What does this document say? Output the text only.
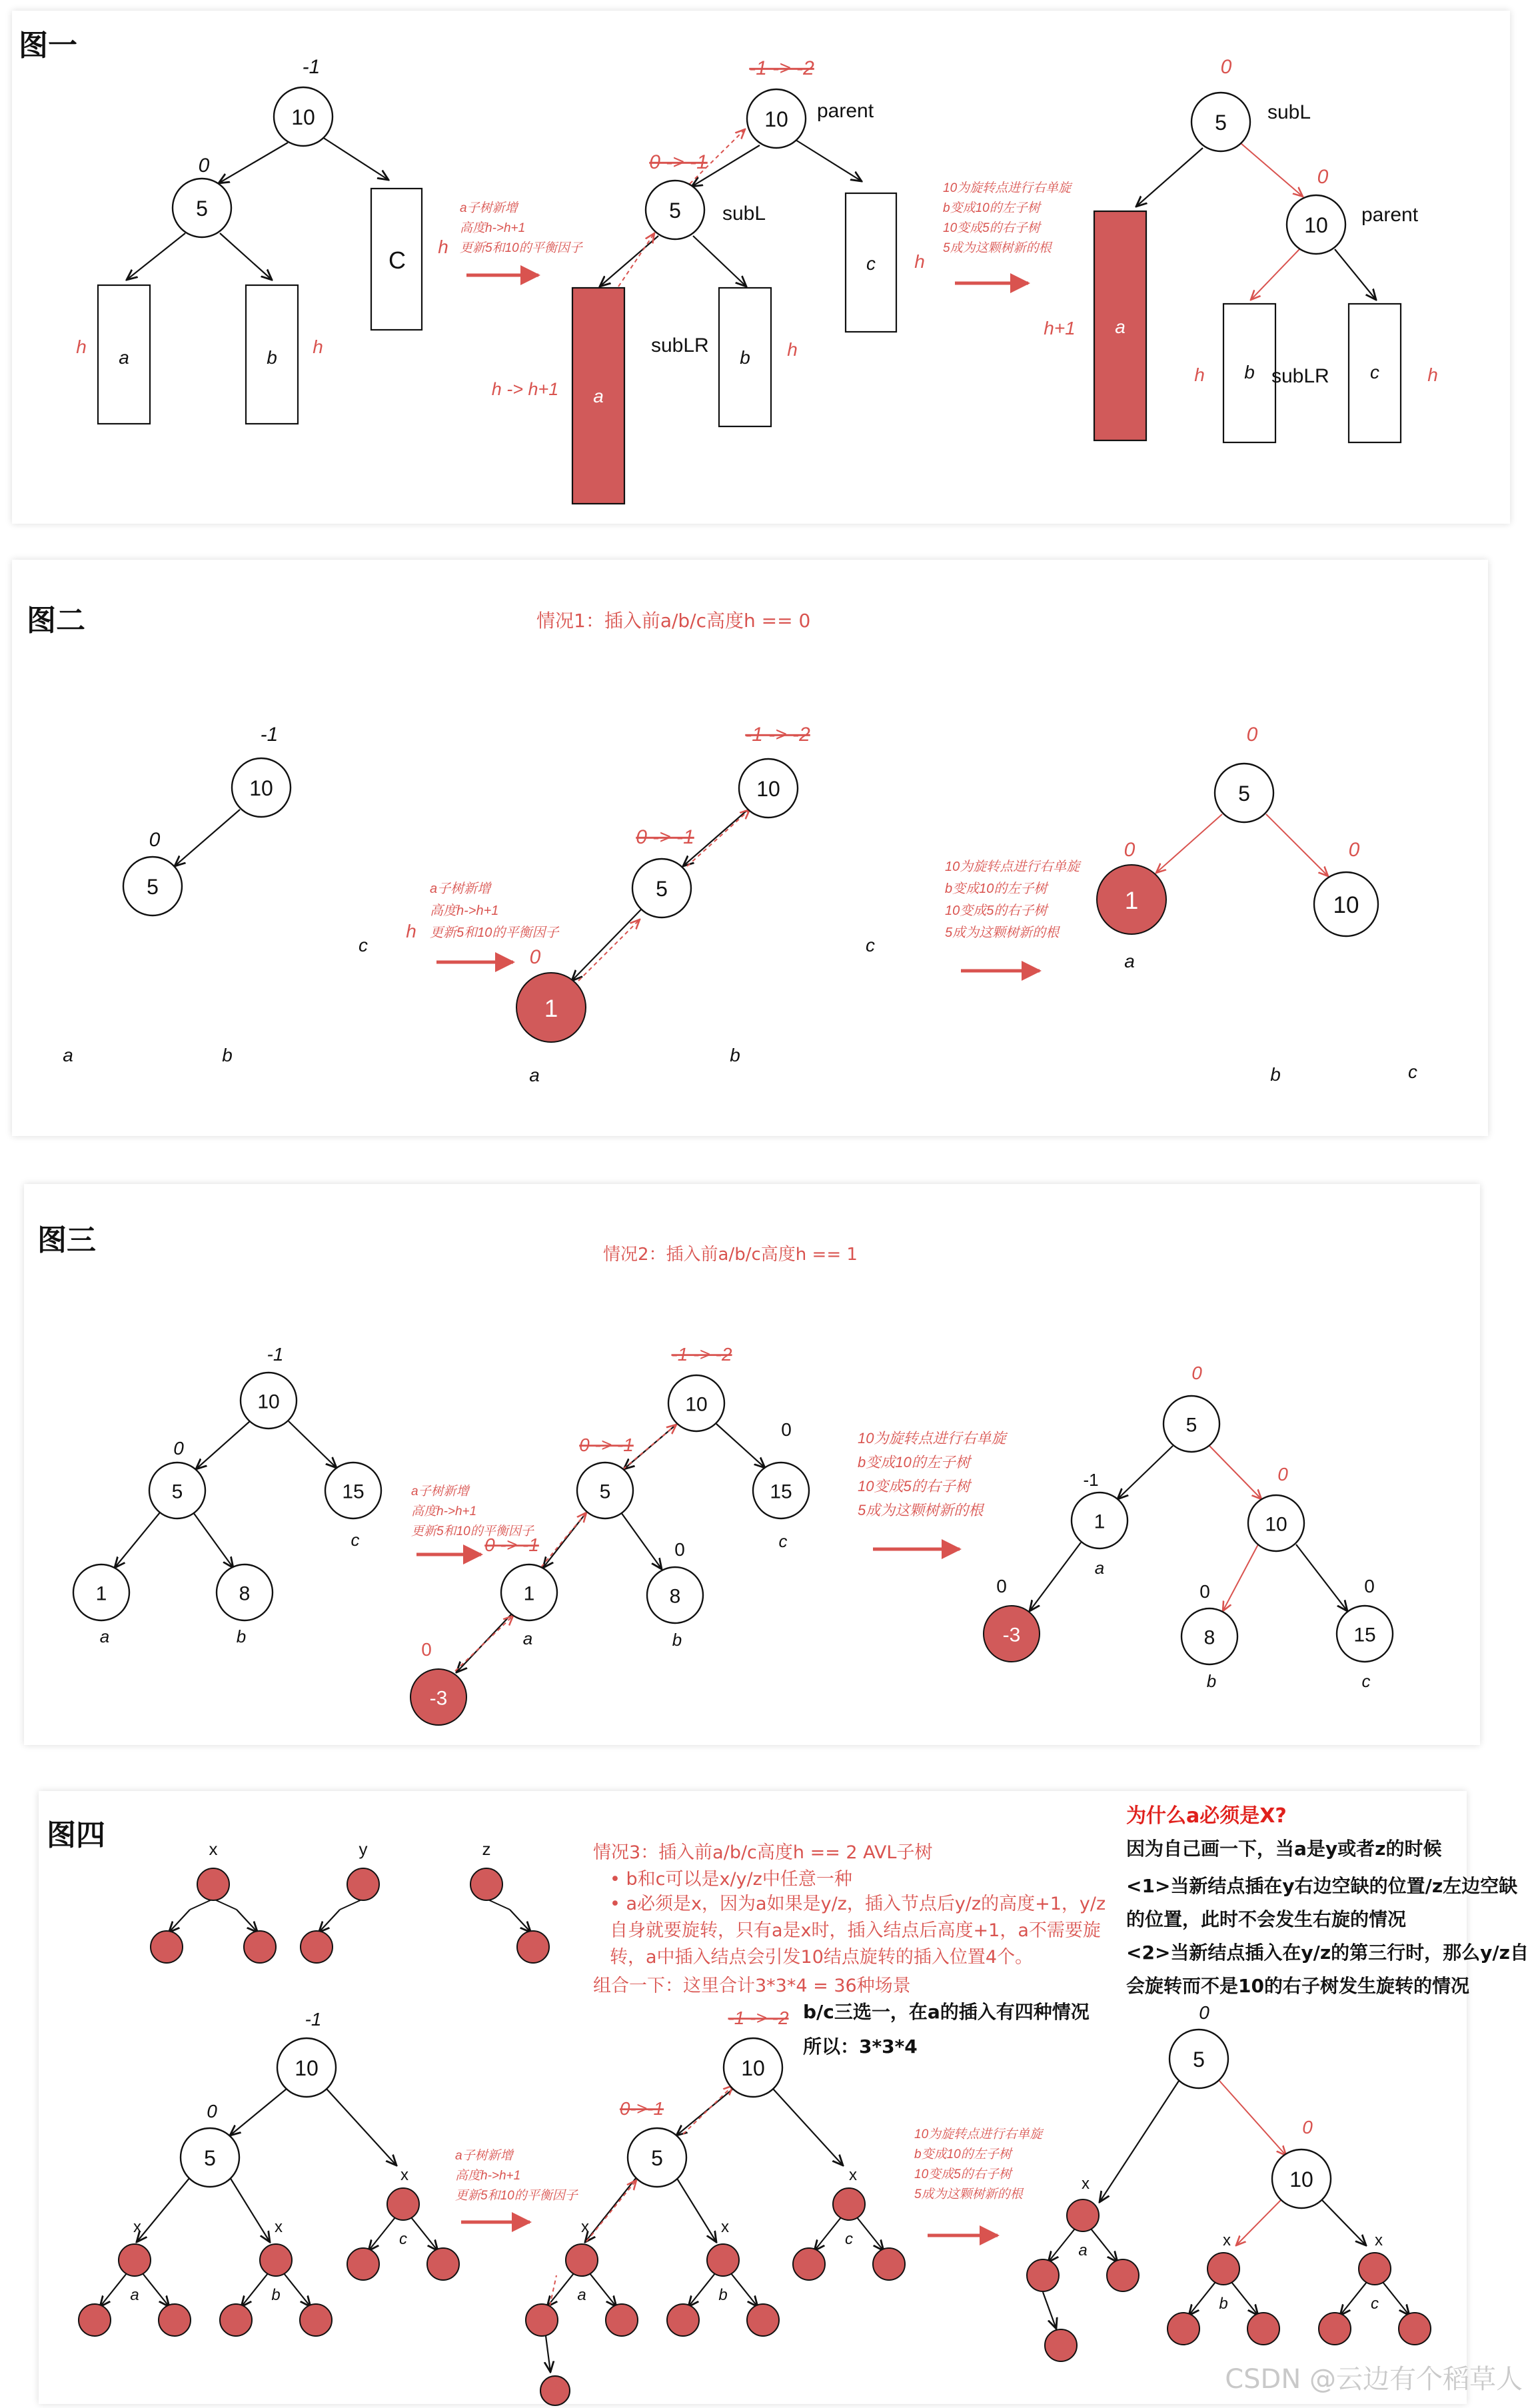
图一
图二	情况1：插入前a/b/c高度h == 0
图三	情况2：插入前a/b/c高度h == 1
图四
情况3：插入前a/b/c高度h == 2 AVL子树
• b和c可以是x/y/z中任意一种
• a必须是x，因为a如果是y/z，插入节点后y/z的高度+1，y/z自身就要旋转，只有a是x时，插入结点后高度+1，a不需要旋转，a中插入结点会引发10结点旋转的插入位置4个。
组合一下：这里合计3*3*4 = 36种场景
b/c三选一，在a的插入有四种情况
所以：3*3*4
为什么a必须是X?
因为自己画一下，当a是y或者z的时候
<1>当新结点插在y右边空缺的位置/z左边空缺的位置，此时不会发生右旋的情况
<2>当新结点插入在y/z的第三行时，那么y/z自会旋转而不是10的右子树发生旋转的情况
10
5
10
5
5
10
10
5
10
5
1
5
1	10
10
5	15
1	8
10
5	15
1	8
-3
5
1	10
-3	8	15
10
5
10
5
5
10
-1
0
a	b
C
h	h
h
a子树新增
高度h->h+1
更新5和10的平衡因子
parent
subL
-1 -> -2
0 -> -1
a
b
c
subLR	h
h
h -> h+1
10为旋转点进行右单旋
b变成10的左子树
10变成5的右子树
5成为这颗树新的根
0
0
subL
parent
a
b	c
subLR
h+1
h	h
-1
0
a	b
c
a子树新增
高度h->h+1
更新5和10的平衡因子
h
-1 -> -2
0 -> -1
0
a
b
c
10为旋转点进行右单旋
b变成10的左子树
10变成5的右子树
5成为这颗树新的根
0
0	0
a
b	c
-1
0
a	b
c
a子树新增
高度h->h+1
更新5和10的平衡因子
-1 -> -2
0 -> -1
0 -> -1
0
0
0
a	b
c
10为旋转点进行右单旋
b变成10的左子树
10变成5的右子树
5成为这颗树新的根
0
-1	0
0	0	0
a
b	c
x	y	z
-1
0
x	x
x
a	b
c
a子树新增
高度h->h+1
更新5和10的平衡因子
-1 -> -2
0->-1
x	x
x
a	b
c
10为旋转点进行右单旋
b变成10的左子树
10变成5的右子树
5成为这颗树新的根
0
0
x
x	x
a
b	c
CSDN @云边有个稻草人
